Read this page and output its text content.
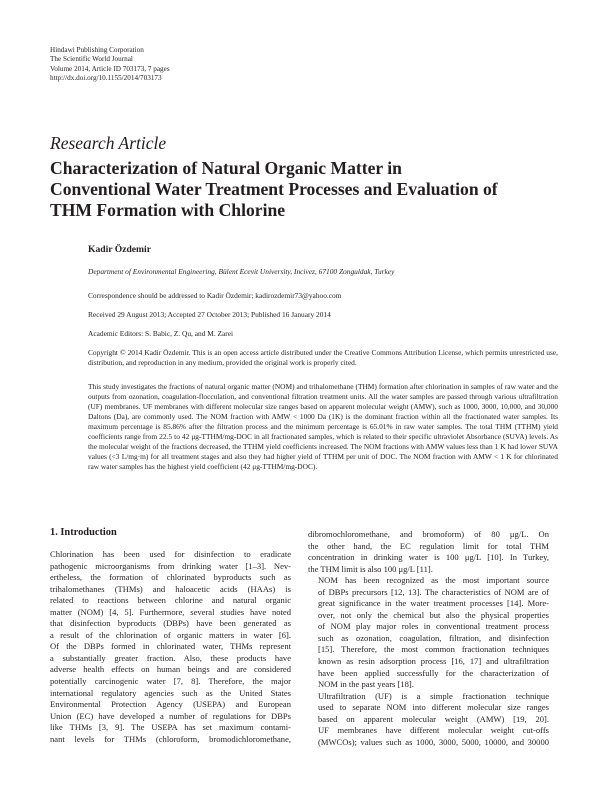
Hindawi Publishing Corporation
The Scientific World Journal
Volume 2014, Article ID 703173, 7 pages
http://dx.doi.org/10.1155/2014/703173
Research Article
Characterization of Natural Organic Matter in
Conventional Water Treatment Processes and Evaluation of
THM Formation with Chlorine
Kadir Özdemir
Department of Environmental Engineering, Bülent Ecevit University, Incivez, 67100 Zonguldak, Turkey
Correspondence should be addressed to Kadir Özdemir; kadirozdemir73@yahoo.com
Received 29 August 2013; Accepted 27 October 2013; Published 16 January 2014
Academic Editors: S. Babic, Z. Qu, and M. Zarei
Copyright © 2014 Kadir Özdemir. This is an open access article distributed under the Creative Commons Attribution License, which permits unrestricted use, distribution, and reproduction in any medium, provided the original work is properly cited.

This study investigates the fractions of natural organic matter (NOM) and trihalomethane (THM) formation after chlorination in samples of raw water and the outputs from ozonation, coagulation-flocculation, and conventional filtration treatment units. All the water samples are passed through various ultrafiltration (UF) membranes. UF membranes with different molecular size ranges based on apparent molecular weight (AMW), such as 1000, 3000, 10,000, and 30,000 Daltons (Da), are commonly used. The NOM fraction with AMW < 1000 Da (1K) is the dominant fraction within all the fractionated water samples. Its maximum percentage is 85.86% after the filtration process and the minimum percentage is 65.01% in raw water samples. The total THM (TTHM) yield coefficients range from 22.5 to 42 μg-TTHM/mg-DOC in all fractionated samples, which is related to their specific ultraviolet Absorbance (SUVA) levels. As the molecular weight of the fractions decreased, the TTHM yield coefficients increased. The NOM fractions with AMW values less than 1 K had lower SUVA values (<3 L/mg·m) for all treatment stages and also they had higher yield of TTHM per unit of DOC. The NOM fraction with AMW < 1 K for chlorinated raw water samples has the highest yield coefficient (42 μg-TTHM/mg-DOC).

1. Introduction

Chlorination has been used for disinfection to eradicate
pathogenic microorganisms from drinking water [1–3]. Nev-
ertheless, the formation of chlorinated byproducts such as
trihalomethanes (THMs) and haloacetic acids (HAAs) is
related to reactions between chlorine and natural organic
matter (NOM) [4, 5]. Furthermore, several studies have noted
that disinfection byproducts (DBPs) have been generated as
a result of the chlorination of organic matters in water [6].
Of the DBPs formed in chlorinated water, THMs represent
a substantially greater fraction. Also, these products have
adverse health effects on human beings and are considered
potentially carcinogenic water [7, 8]. Therefore, the major
international regulatory agencies such as the United States
Environmental Protection Agency (USEPA) and European
Union (EC) have developed a number of regulations for DBPs
like THMs [3, 9]. The USEPA has set maximum contami-
nant levels for THMs (chloroform, bromodichloromethane,

dibromochloromethane, and bromoform) of 80 μg/L. On
the other hand, the EC regulation limit for total THM
concentration in drinking water is 100 μg/L [10]. In Turkey,
the THM limit is also 100 μg/L [11].

NOM has been recognized as the most important source
of DBPs precursors [12, 13]. The characteristics of NOM are of
great significance in the water treatment processes [14]. More-
over, not only the chemical but also the physical properties
of NOM play major roles in conventional treatment process
such as ozonation, coagulation, filtration, and disinfection
[15]. Therefore, the most common fractionation techniques
known as resin adsorption process [16, 17] and ultrafiltration
have been applied successfully for the characterization of
NOM in the past years [18].

Ultrafiltration (UF) is a simple fractionation technique
used to separate NOM into different molecular size ranges
based on apparent molecular weight (AMW) [19, 20].
UF membranes have different molecular weight cut-offs
(MWCOs); values such as 1000, 3000, 5000, 10000, and 30000
